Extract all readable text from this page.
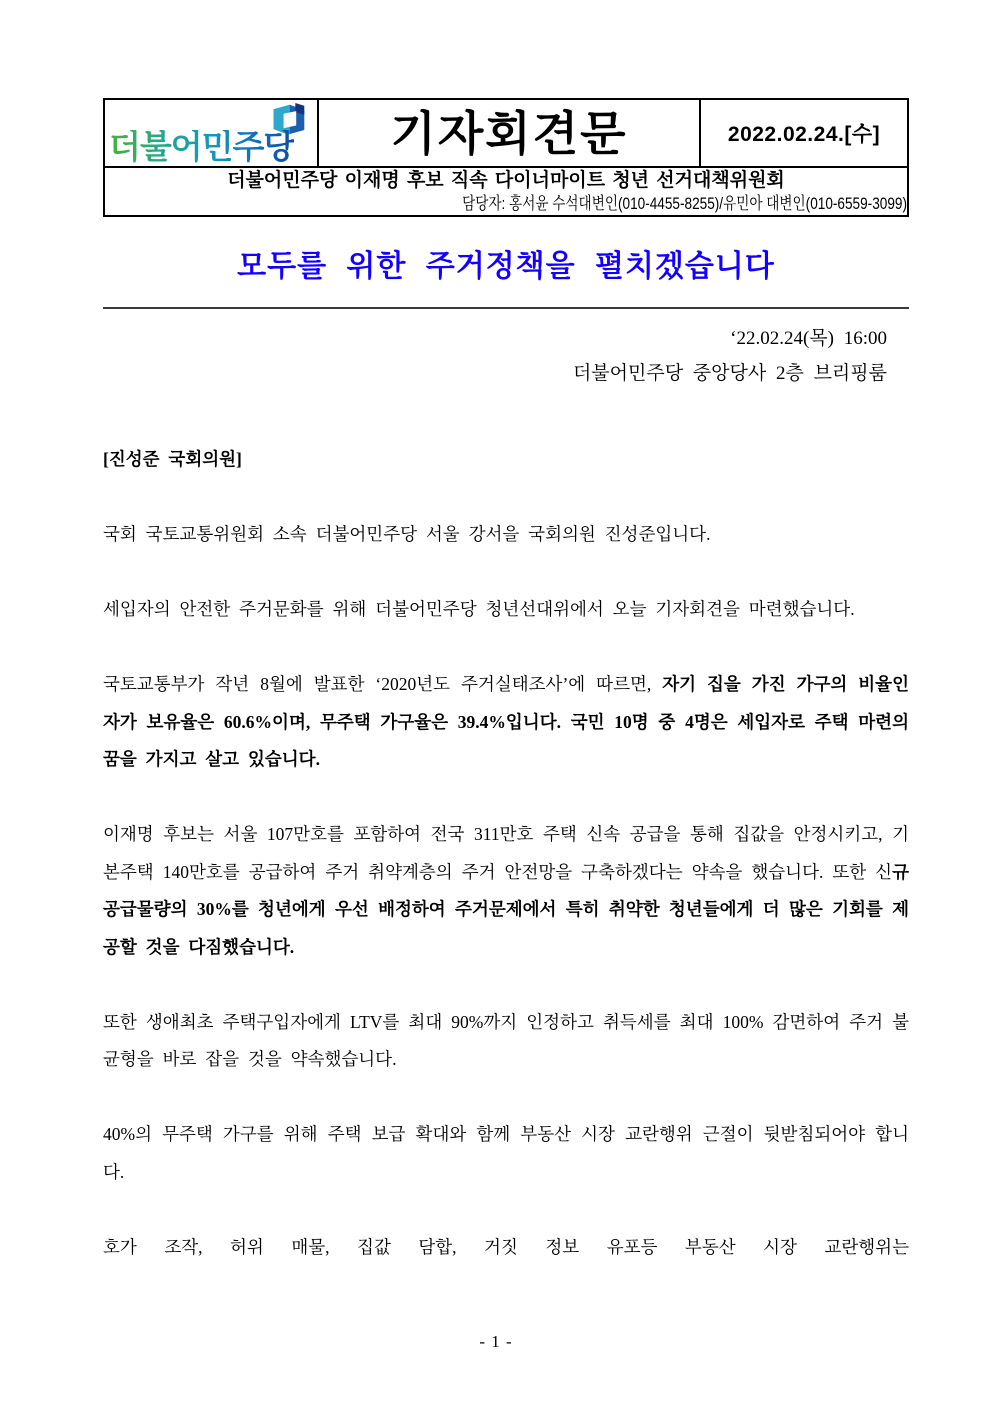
더불어민주당	기자회견문	2022.02.24.[수]

더불어민주당 이재명 후보 직속 다이너마이트 청년 선거대책위원회
담당자: 홍서윤 수석대변인(010-4455-8255)/유민아 대변인(010-6559-3099)
모두를 위한 주거정책을 펼치겠습니다
‘22.02.24(목) 16:00
더불어민주당 중앙당사 2층 브리핑룸

[진성준 국회의원]

국회 국토교통위원회 소속 더불어민주당 서울 강서을 국회의원 진성준입니다.

세입자의 안전한 주거문화를 위해 더불어민주당 청년선대위에서 오늘 기자회견을 마련했습니다.

국토교통부가 작년 8월에 발표한 ‘2020년도 주거실태조사’에 따르면, 자기 집을 가진 가구의 비율인 자가 보유율은 60.6%이며, 무주택 가구율은 39.4%입니다. 국민 10명 중 4명은 세입자로 주택 마련의 꿈을 가지고 살고 있습니다.

이재명 후보는 서울 107만호를 포함하여 전국 311만호 주택 신속 공급을 통해 집값을 안정시키고, 기본주택 140만호를 공급하여 주거 취약계층의 주거 안전망을 구축하겠다는 약속을 했습니다. 또한 신규 공급물량의 30%를 청년에게 우선 배정하여 주거문제에서 특히 취약한 청년들에게 더 많은 기회를 제공할 것을 다짐했습니다.

또한 생애최초 주택구입자에게 LTV를 최대 90%까지 인정하고 취득세를 최대 100% 감면하여 주거 불균형을 바로 잡을 것을 약속했습니다.

40%의 무주택 가구를 위해 주택 보급 확대와 함께 부동산 시장 교란행위 근절이 뒷받침되어야 합니다.

호가 조작, 허위 매물, 집값 담합, 거짓 정보 유포등 부동산 시장 교란행위는

- 1 -
